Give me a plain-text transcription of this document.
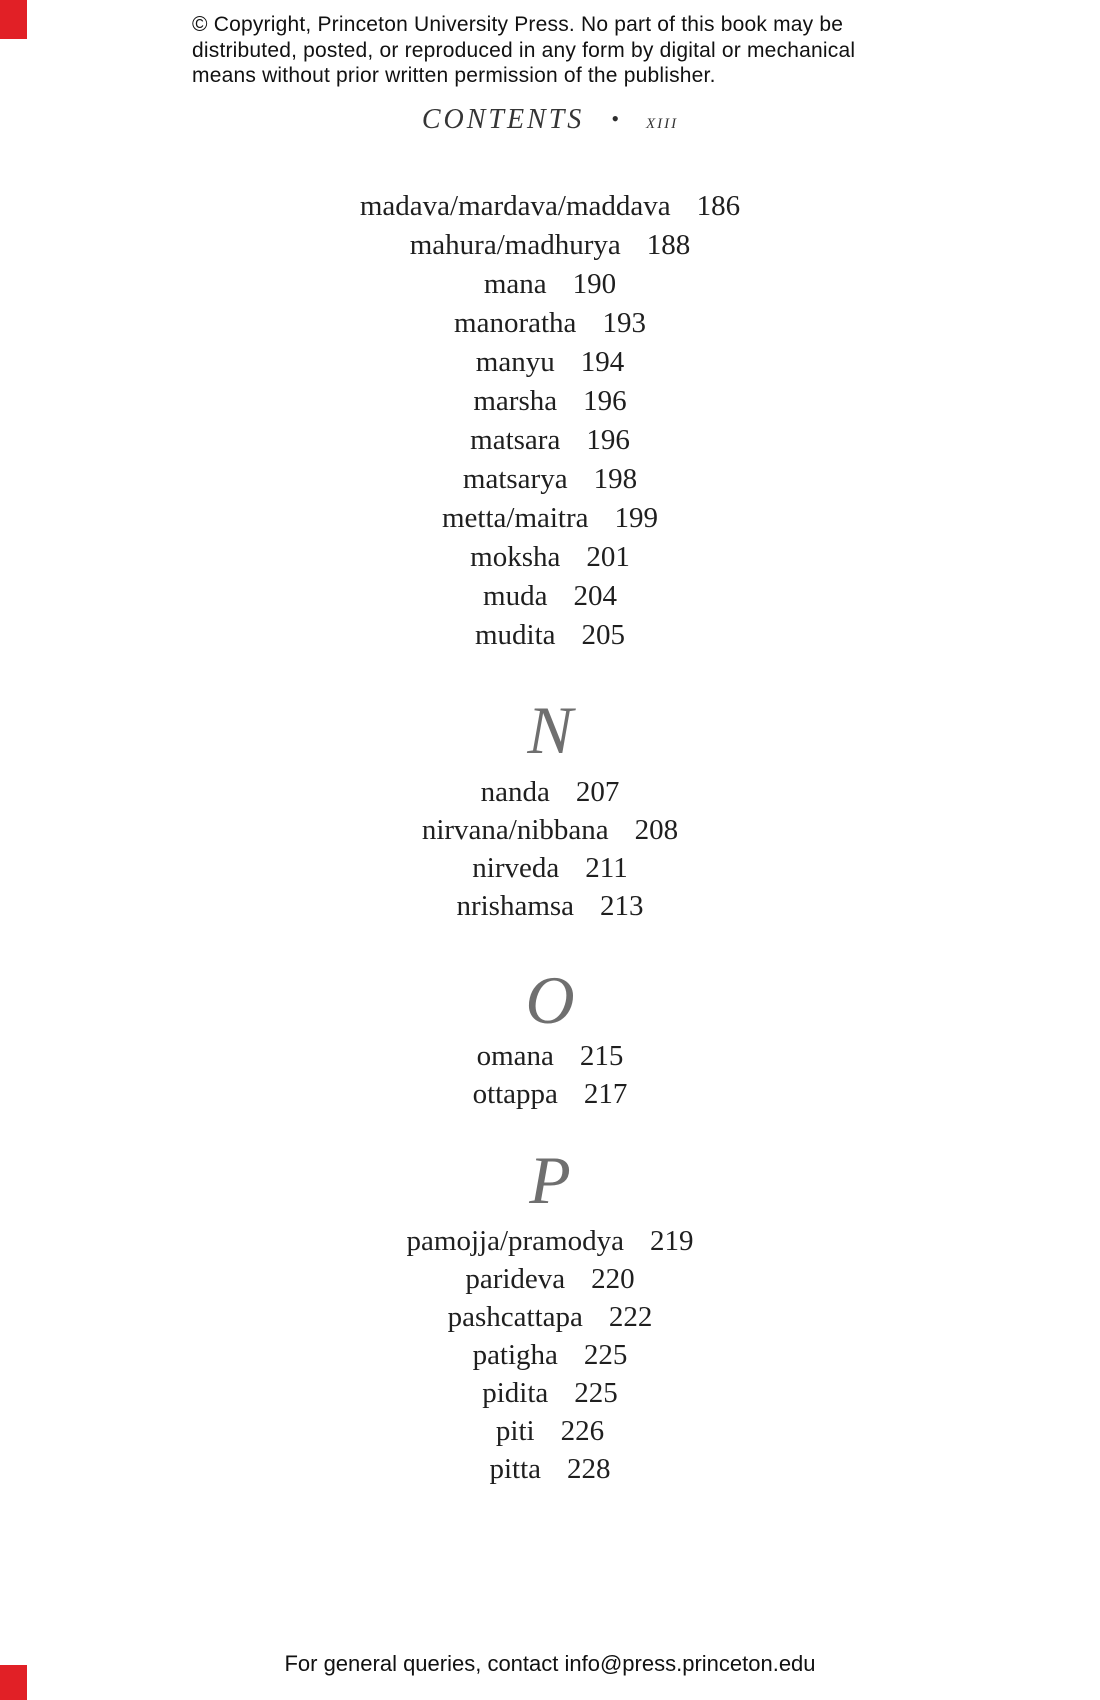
© Copyright, Princeton University Press. No part of this book may be
distributed, posted, or reproduced in any form by digital or mechanical
means without prior written permission of the publisher.
CONTENTS • xiii
madava/mardava/maddava 186
mahura/madhurya 188
mana 190
manoratha 193
manyu 194
marsha 196
matsara 196
matsarya 198
metta/maitra 199
moksha 201
muda 204
mudita 205
N
nanda 207
nirvana/nibbana 208
nirveda 211
nrishamsa 213
O
omana 215
ottappa 217
P
pamojja/pramodya 219
parideva 220
pashcattapa 222
patigha 225
pidita 225
piti 226
pitta 228
For general queries, contact info@press.princeton.edu
